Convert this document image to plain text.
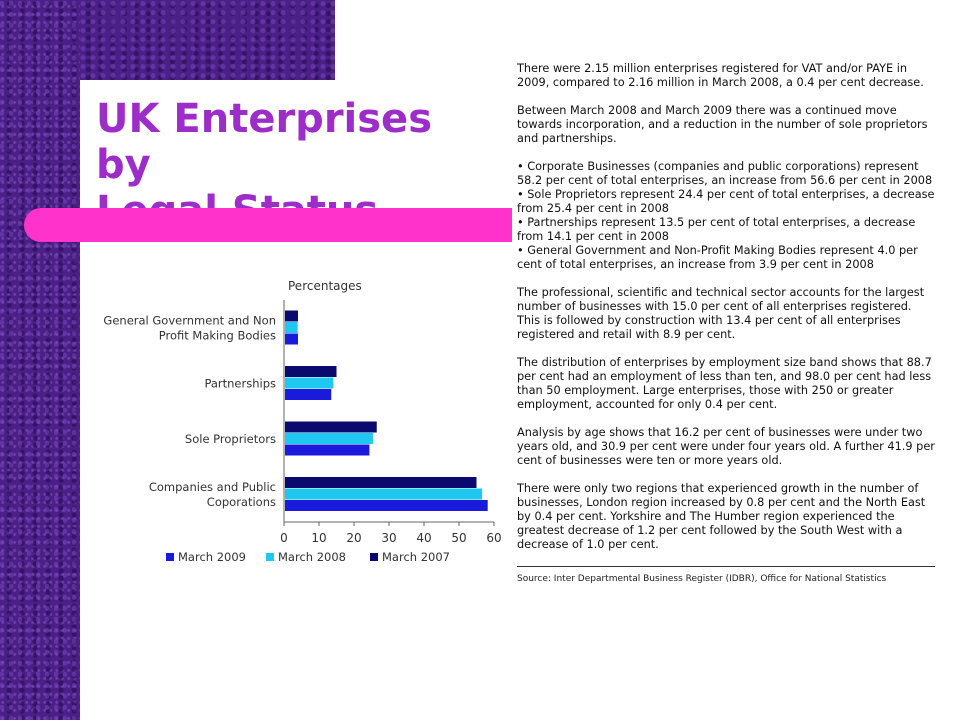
UK Enterprises by

There were 2.15 million enterprises registered for VAT and/or PAYE in 2009, compared to 2.16 million in March 2008, a 0.4 per cent decrease.

Between March 2008 and March 2009 there was a continued move towards incorporation, and a reduction in the number of sole proprietors and partnerships.

• Corporate Businesses (companies and public corporations) represent 58.2 per cent of total enterprises, an increase from 56.6 per cent in 2008
• Sole Proprietors represent 24.4 per cent of total enterprises, a decrease from 25.4 per cent in 2008
• Partnerships represent 13.5 per cent of total enterprises, a decrease from 14.1 per cent in 2008
• General Government and Non-Profit Making Bodies represent 4.0 per cent of total enterprises, an increase from 3.9 per cent in 2008

The professional, scientific and technical sector accounts for the largest number of businesses with 15.0 per cent of all enterprises registered. This is followed by construction with 13.4 per cent of all enterprises registered and retail with 8.9 per cent.

The distribution of enterprises by employment size band shows that 88.7 per cent had an employment of less than ten, and 98.0 per cent had less than 50 employment. Large enterprises, those with 250 or greater employment, accounted for only 0.4 per cent.

Analysis by age shows that 16.2 per cent of businesses were under two years old, and 30.9 per cent were under four years old. A further 41.9 per cent of businesses were ten or more years old.

There were only two regions that experienced growth in the number of businesses, London region increased by 0.8 per cent and the North East by 0.4 per cent. Yorkshire and The Humber region experienced the greatest decrease of 1.2 per cent followed by the South West with a decrease of 1.0 per cent.

Source: Inter Departmental Business Register (IDBR), Office for National Statistics
Percentages
General Government and Non
Profit Making Bodies
Partnerships
Sole Proprietors
Companies and Public
Coporations
0 10 20 30 40 50 60
March 2009	March 2008	March 2007
